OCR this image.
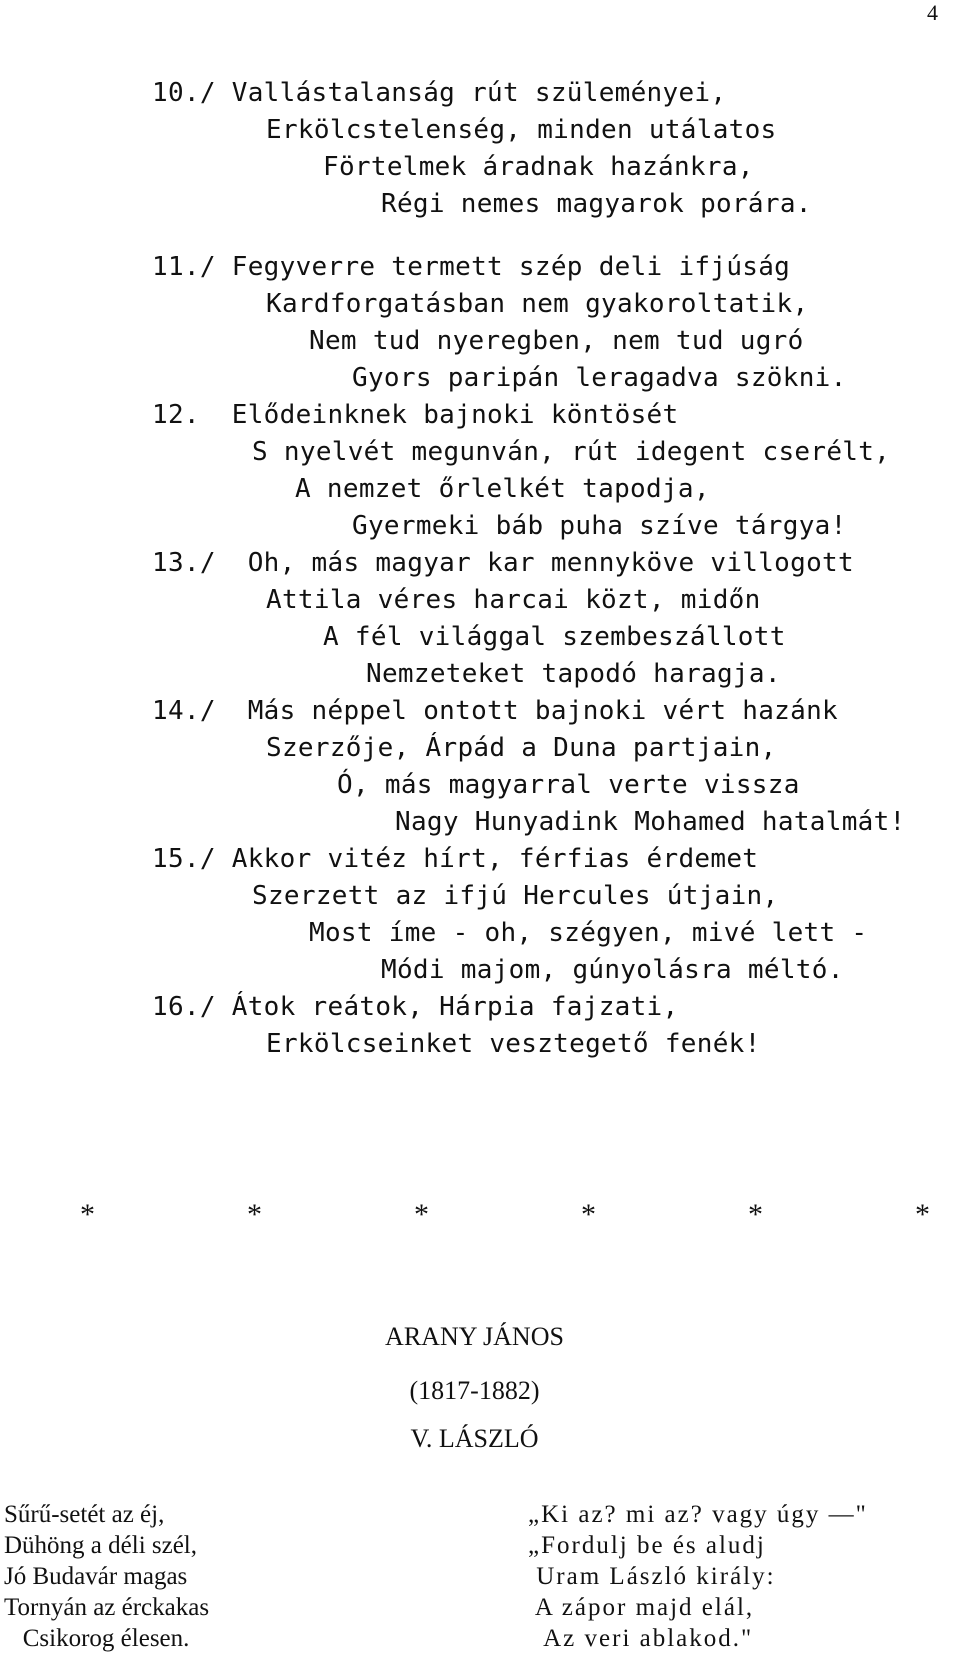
4
10./ Vallástalanság rút szüleményei,
Erkölcstelenség, minden utálatos
Förtelmek áradnak hazánkra,
Régi nemes magyarok porára.
11./ Fegyverre termett szép deli ifjúság
Kardforgatásban nem gyakoroltatik,
Nem tud nyeregben, nem tud ugró
Gyors paripán leragadva szökni.
12.  Elődeinknek bajnoki köntösét
S nyelvét megunván, rút idegent cserélt,
A nemzet őrlelkét tapodja,
Gyermeki báb puha szíve tárgya!
13./  Oh, más magyar kar mennyköve villogott
Attila véres harcai közt, midőn
A fél világgal szembeszállott
Nemzeteket tapodó haragja.
14./  Más néppel ontott bajnoki vért hazánk
Szerzője, Árpád a Duna partjain,
Ó, más magyarral verte vissza
Nagy Hunyadink Mohamed hatalmát!
15./ Akkor vitéz hírt, férfias érdemet
Szerzett az ifjú Hercules útjain,
Most íme - oh, szégyen, mivé lett -
Módi majom, gúnyolásra méltó.
16./ Átok reátok, Hárpia fajzati,
Erkölcseinket vesztegető fenék!
*	*	*	*	*	*
ARANY JÁNOS
(1817-1882)
V. LÁSZLÓ
Sűrű-setét az éj,
Dühöng a déli szél,
Jó Budavár magas
Tornyán az érckakas
Csikorog élesen.
„Ki az? mi az? vagy úgy —"
„Fordulj be és aludj
Uram László király:
A zápor majd elál,
Az veri ablakod."
